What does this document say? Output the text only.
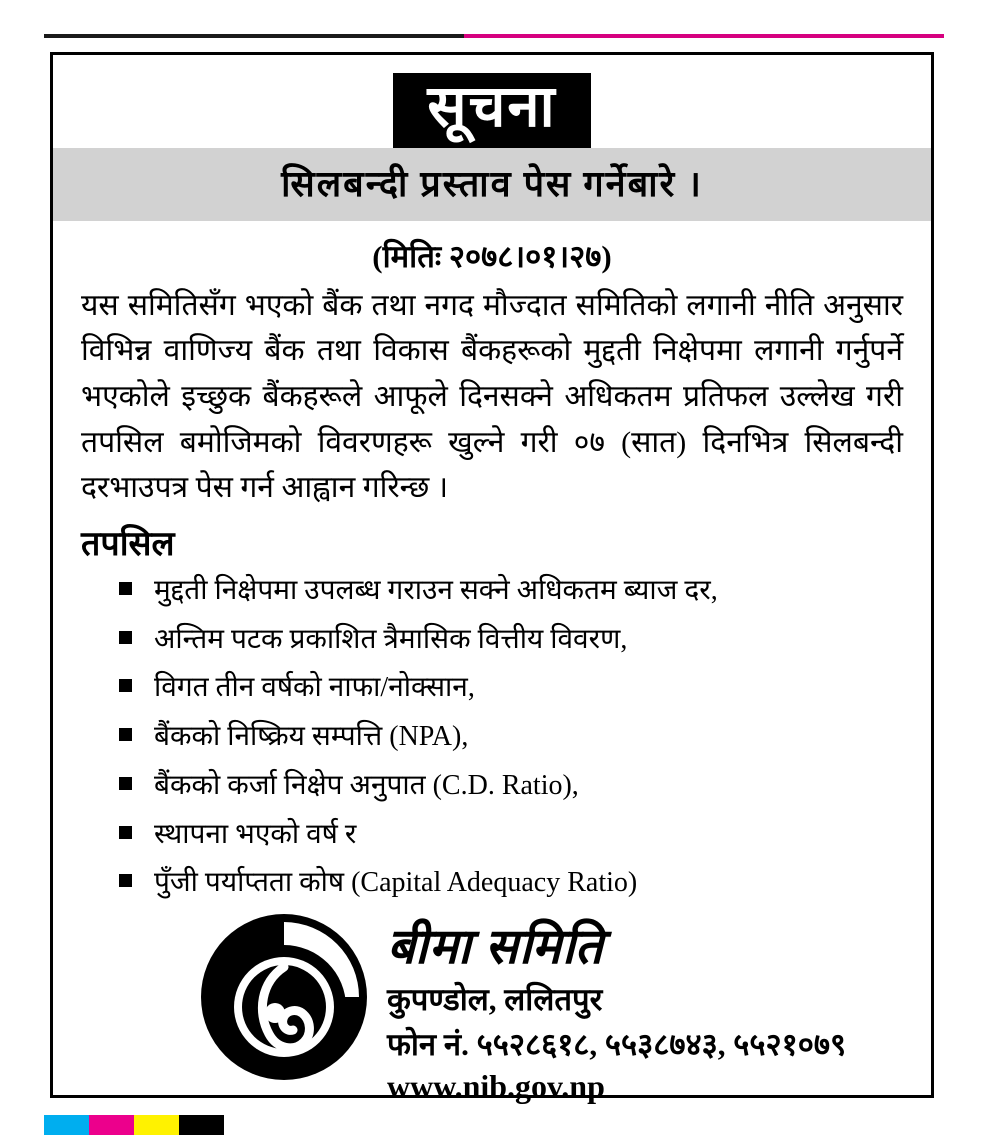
सूचना
सिलबन्दी प्रस्ताव पेस गर्नेबारे ।
(मितिः २०७८।०१।२७)
यस समितिसँग भएको बैंक तथा नगद मौज्दात समितिको लगानी नीति अनुसार विभिन्न वाणिज्य बैंक तथा विकास बैंकहरूको मुद्दती निक्षेपमा लगानी गर्नुपर्ने भएकोले इच्छुक बैंकहरूले आफूले दिनसक्ने अधिकतम प्रतिफल उल्लेख गरी तपसिल बमोजिमको विवरणहरू खुल्ने गरी ०७ (सात) दिनभित्र सिलबन्दी दरभाउपत्र पेस गर्न आह्वान गरिन्छ ।
तपसिल
मुद्दती निक्षेपमा उपलब्ध गराउन सक्ने अधिकतम ब्याज दर,
अन्तिम पटक प्रकाशित त्रैमासिक वित्तीय विवरण,
विगत तीन वर्षको नाफा/नोक्सान,
बैंकको निष्क्रिय सम्पत्ति (NPA),
बैंकको कर्जा निक्षेप अनुपात (C.D. Ratio),
स्थापना भएको वर्ष र
पुँजी पर्याप्तता कोष (Capital Adequacy Ratio)
बीमा समिति
कुपण्डोल, ललितपुर
फोन नं. ५५२८६१८, ५५३८७४३, ५५२१०७९
www.nib.gov.np
